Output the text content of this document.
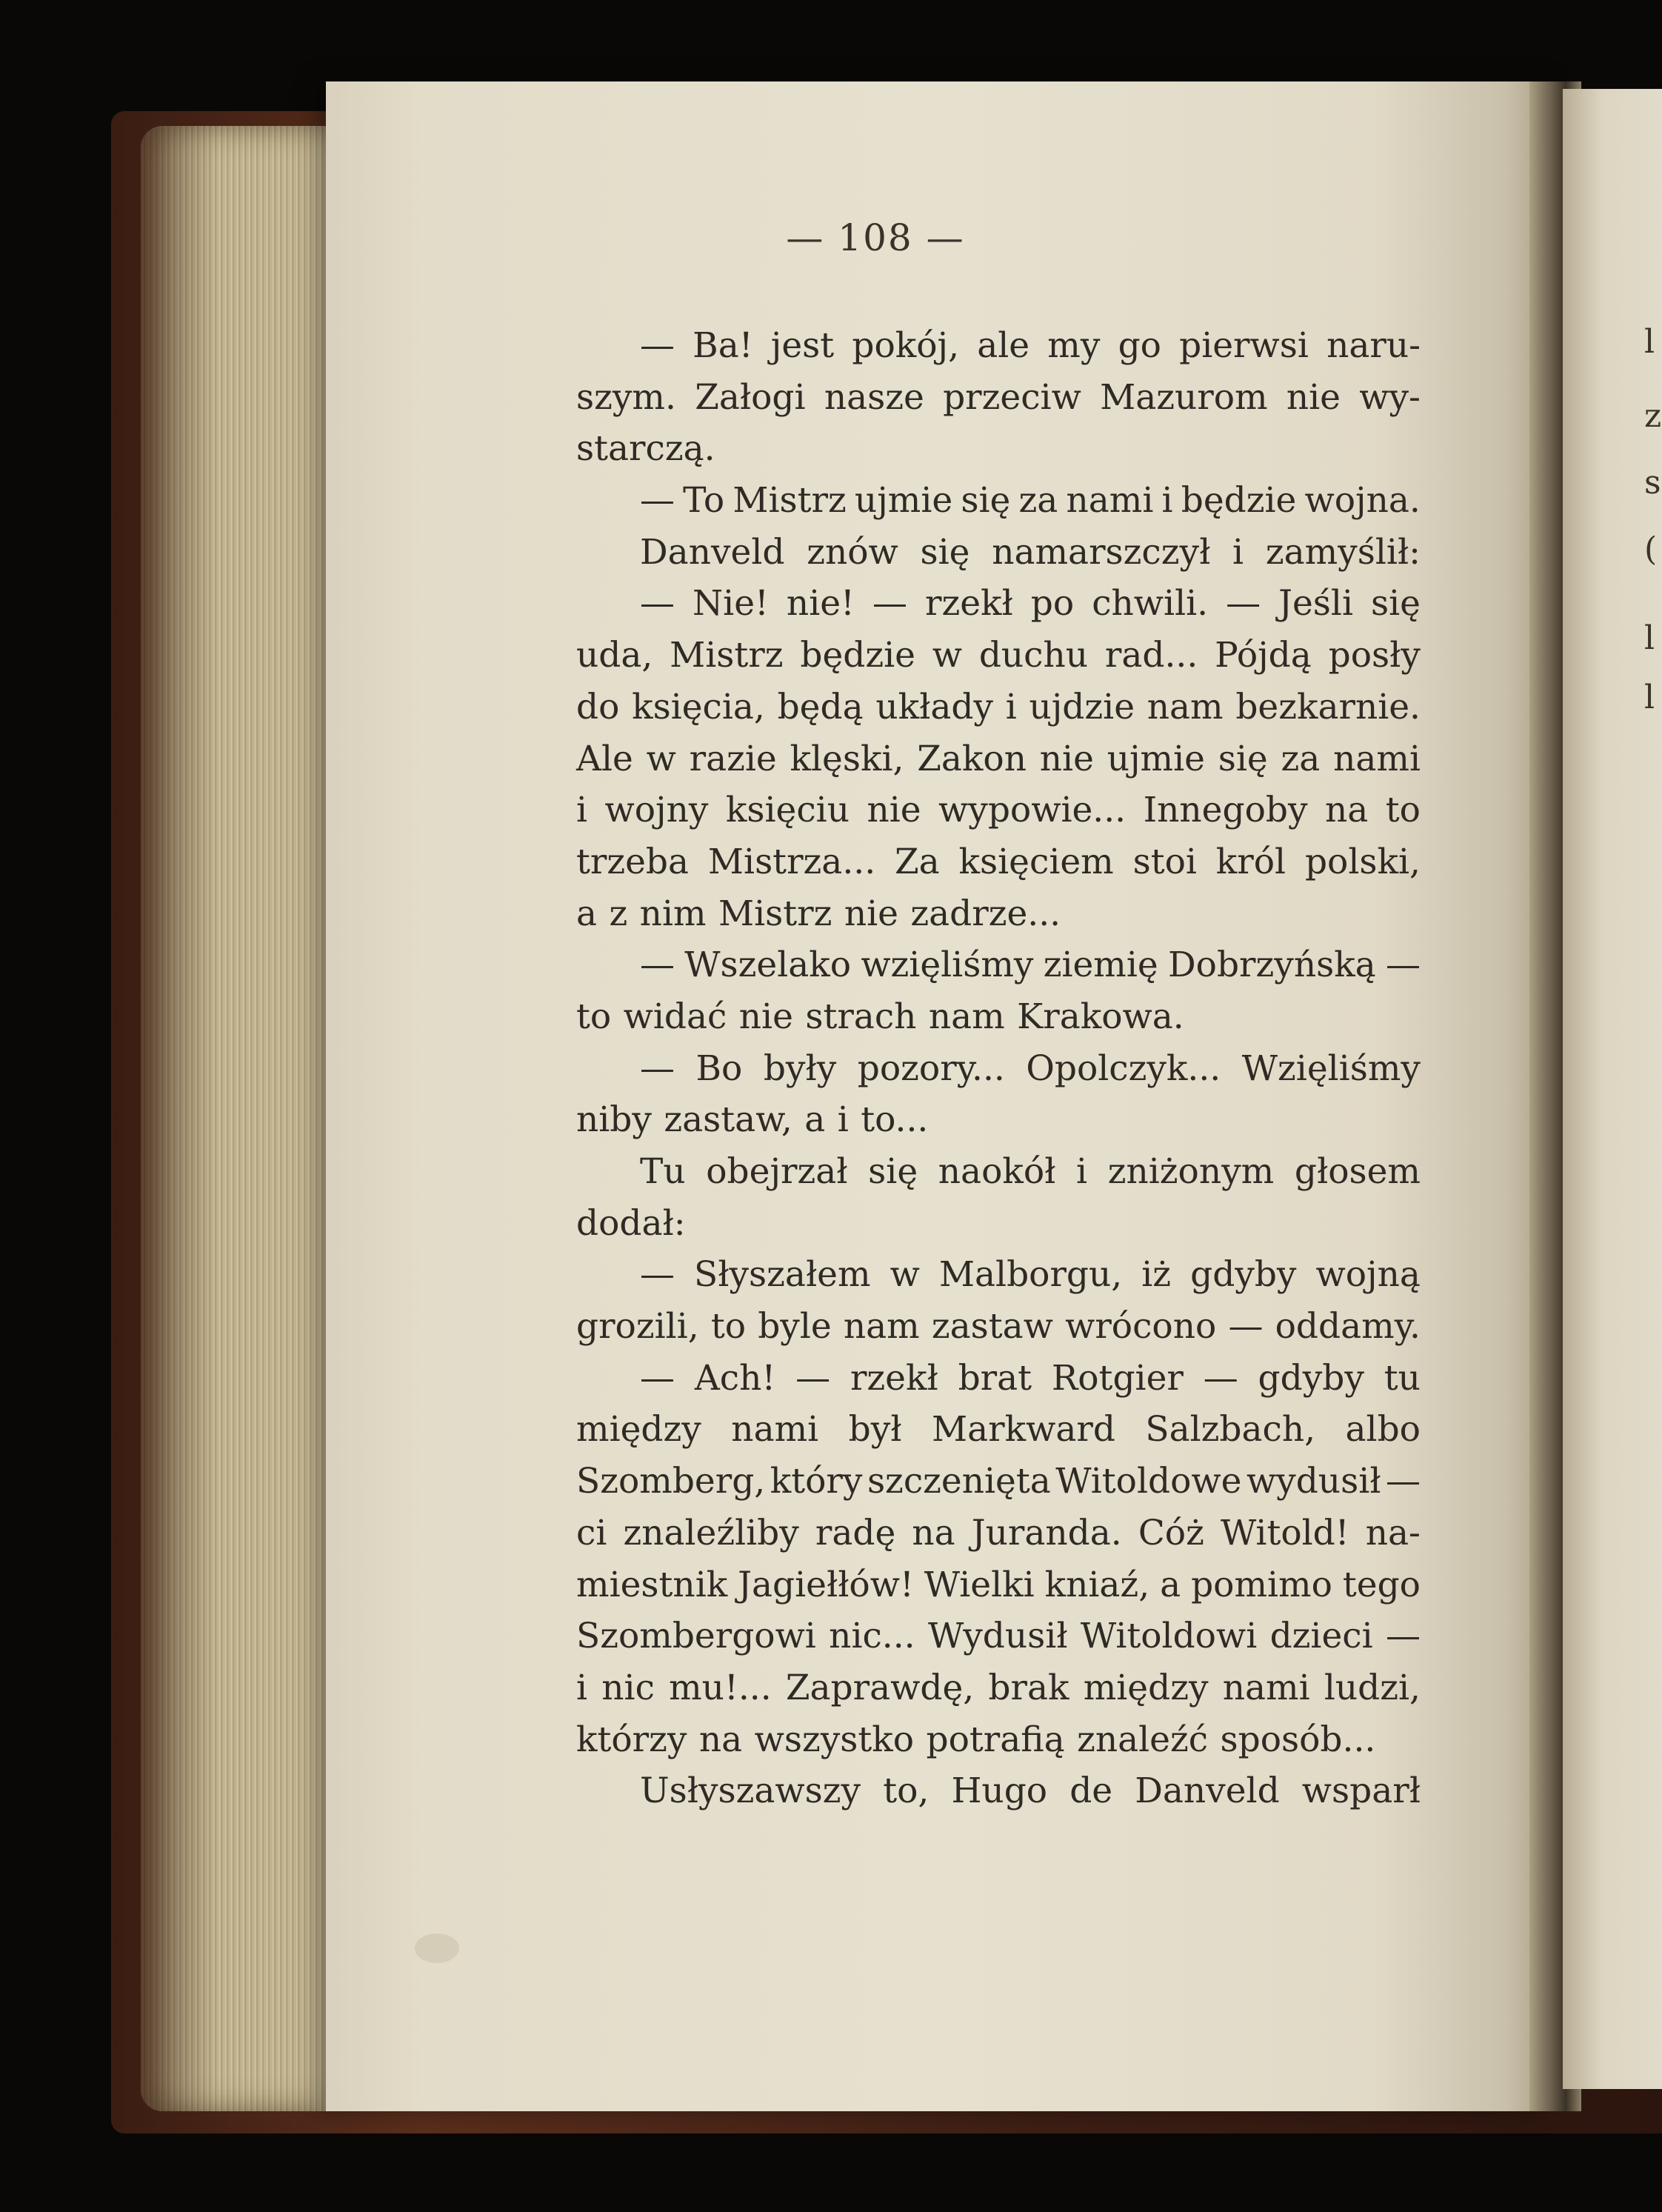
l
z
s
(
l
l
— 108 —
— Ba! jest pokój, ale my go pierwsi naru-
szym. Załogi nasze przeciw Mazurom nie wy-
starczą.
— To Mistrz ujmie się za nami i będzie wojna.
Danveld znów się namarszczył i zamyślił:
— Nie! nie! — rzekł po chwili. — Jeśli się
uda, Mistrz będzie w duchu rad... Pójdą posły
do księcia, będą układy i ujdzie nam bezkarnie.
Ale w razie klęski, Zakon nie ujmie się za nami
i wojny księciu nie wypowie... Innegoby na to
trzeba Mistrza... Za księciem stoi król polski,
a z nim Mistrz nie zadrze...
— Wszelako wzięliśmy ziemię Dobrzyńską —
to widać nie strach nam Krakowa.
— Bo były pozory... Opolczyk... Wzięliśmy
niby zastaw, a i to...
Tu obejrzał się naokół i zniżonym głosem
dodał:
— Słyszałem w Malborgu, iż gdyby wojną
grozili, to byle nam zastaw wrócono — oddamy.
— Ach! — rzekł brat Rotgier — gdyby tu
między nami był Markward Salzbach, albo
Szomberg, który szczenięta Witoldowe wydusił —
ci znaleźliby radę na Juranda. Cóż Witold! na-
miestnik Jagiełłów! Wielki kniaź, a pomimo tego
Szombergowi nic... Wydusił Witoldowi dzieci —
i nic mu!... Zaprawdę, brak między nami ludzi,
którzy na wszystko potrafią znaleźć sposób...
Usłyszawszy to, Hugo de Danveld wsparł
